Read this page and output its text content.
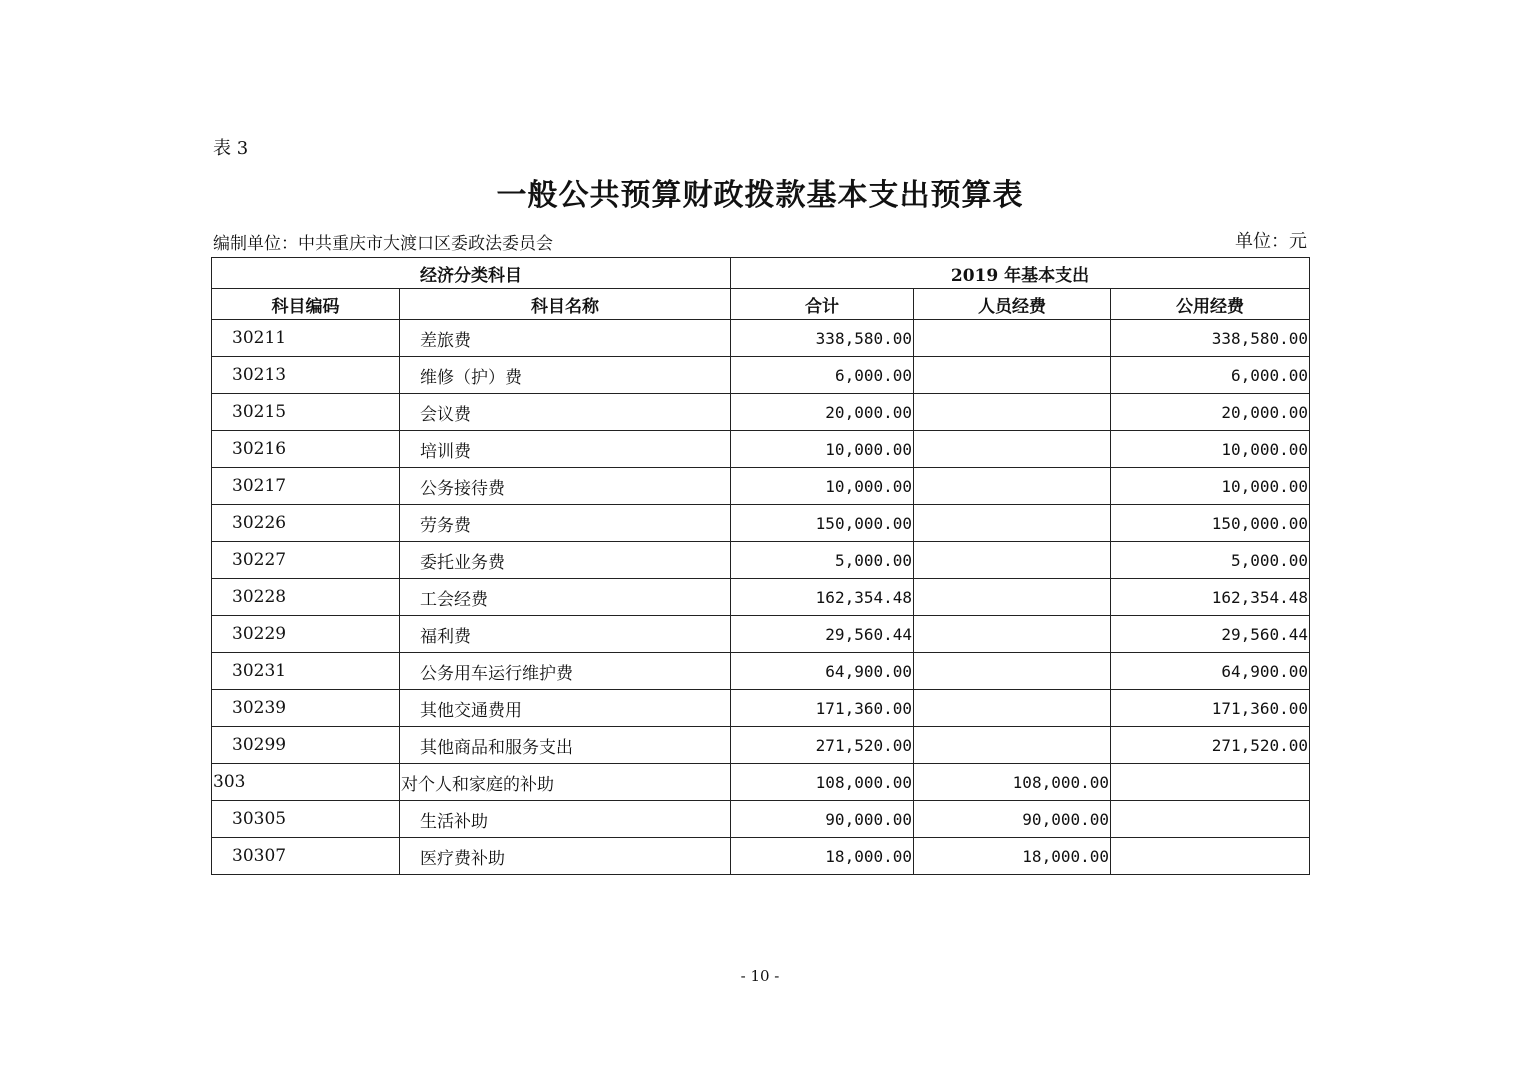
表 3
一般公共预算财政拨款基本支出预算表
编制单位：中共重庆市大渡口区委政法委员会	单位：元
经济分类科目		2019 年基本支出		
科目编码	科目名称	合计	人员经费	公用经费
30211	差旅费	338,580.00		338,580.00
30213	维修（护）费	6,000.00		6,000.00
30215	会议费	20,000.00		20,000.00
30216	培训费	10,000.00		10,000.00
30217	公务接待费	10,000.00		10,000.00
30226	劳务费	150,000.00		150,000.00
30227	委托业务费	5,000.00		5,000.00
30228	工会经费	162,354.48		162,354.48
30229	福利费	29,560.44		29,560.44
30231	公务用车运行维护费	64,900.00		64,900.00
30239	其他交通费用	171,360.00		171,360.00
30299	其他商品和服务支出	271,520.00		271,520.00
303	对个人和家庭的补助	108,000.00	108,000.00	
30305	生活补助	90,000.00	90,000.00	
30307	医疗费补助	18,000.00	18,000.00	
- 10 -
